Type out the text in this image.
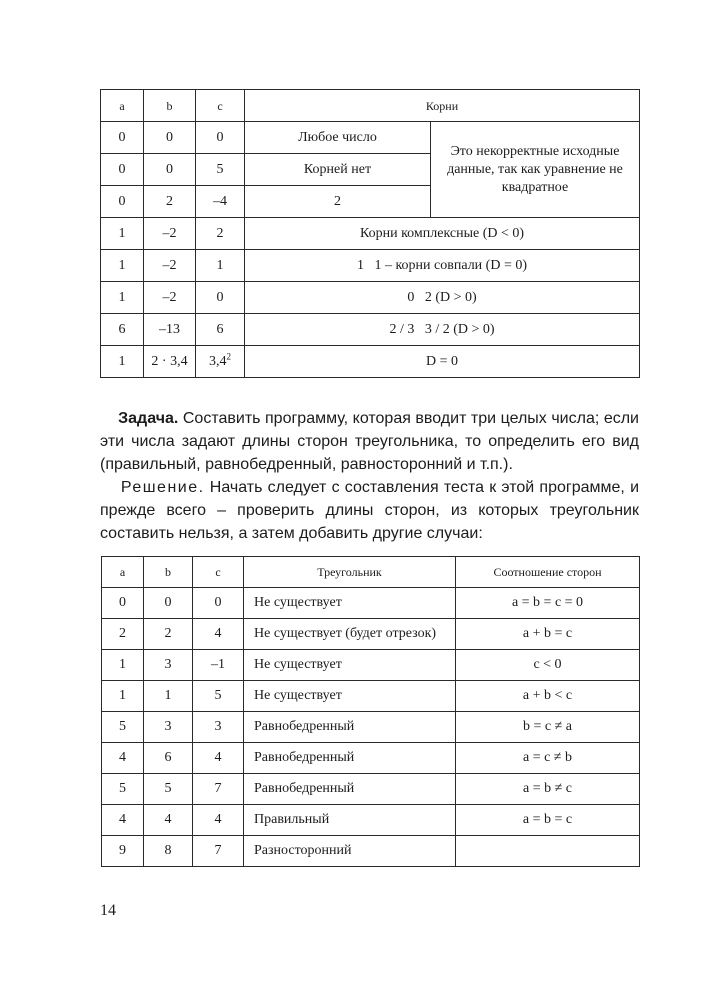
a	b	c	Корни	
0	0	0	Любое число	Это некорректные исходные данные, так как уравнение не квадратное
0	0	5	Корней нет	
0	2	–4	2	
1	–2	2	Корни комплексные (D < 0)	
1	–2	1	1   1 – корни совпали (D = 0)	
1	–2	0	0   2 (D > 0)	
6	–13	6	2 / 3   3 / 2 (D > 0)	
1	2 · 3,4	$3,4^2$	D = 0	

Задача. Составить программу, которая вводит три целых числа; если эти числа задают длины сторон треугольника, то определить его вид (правильный, равнобедренный, равносторонний и т.п.).

Решение. Начать следует с составления теста к этой программе, и прежде всего – проверить длины сторон, из которых треугольник составить нельзя, а затем добавить другие случаи:

a	b	c	Треугольник	Соотношение сторон
0	0	0	Не существует	a = b = c = 0
2	2	4	Не существует (будет отрезок)	a + b = c
1	3	–1	Не существует	c < 0
1	1	5	Не существует	a + b < c
5	3	3	Равнобедренный	b = c ≠ a
4	6	4	Равнобедренный	a = c ≠ b
5	5	7	Равнобедренный	a = b ≠ c
4	4	4	Правильный	a = b = c
9	8	7	Разносторонний	
14
